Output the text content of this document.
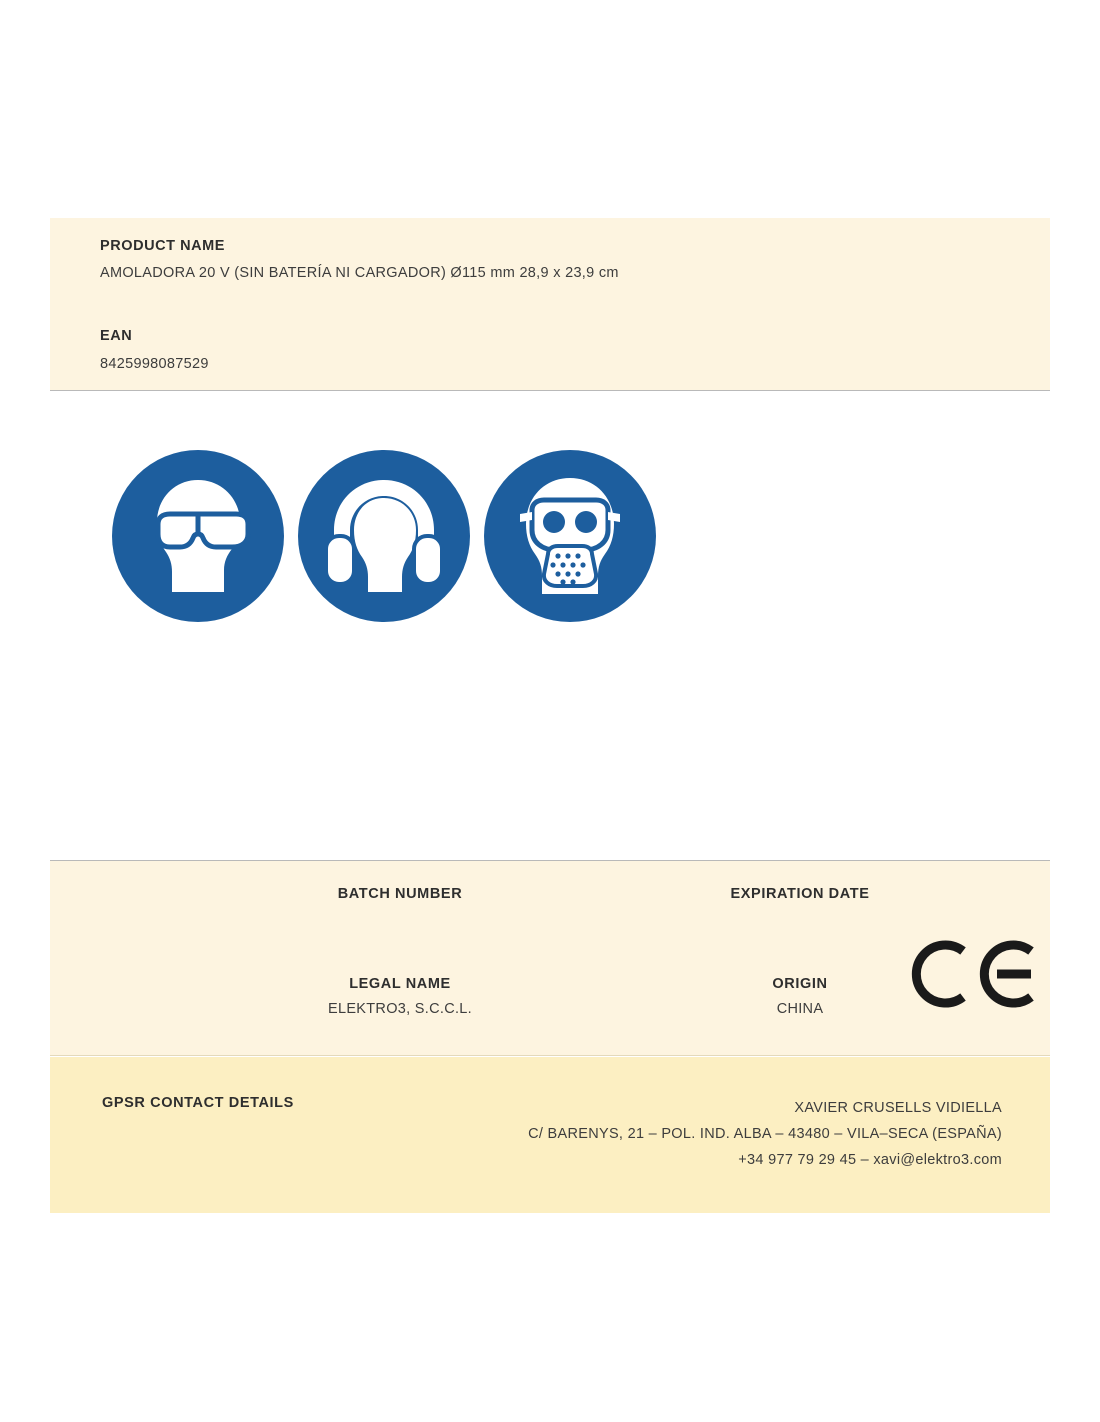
PRODUCT NAME
AMOLADORA 20 V (SIN BATERÍA NI CARGADOR) Ø115 mm 28,9 x 23,9 cm
EAN
8425998087529
BATCH NUMBER	EXPIRATION DATE
LEGAL NAME
ELEKTRO3, S.C.C.L.
ORIGIN
CHINA
GPSR CONTACT DETAILS	XAVIER CRUSELLS VIDIELLA
C/ BARENYS, 21 – POL. IND. ALBA – 43480 – VILA–SECA (ESPAÑA)
+34 977 79 29 45 – xavi@elektro3.com
